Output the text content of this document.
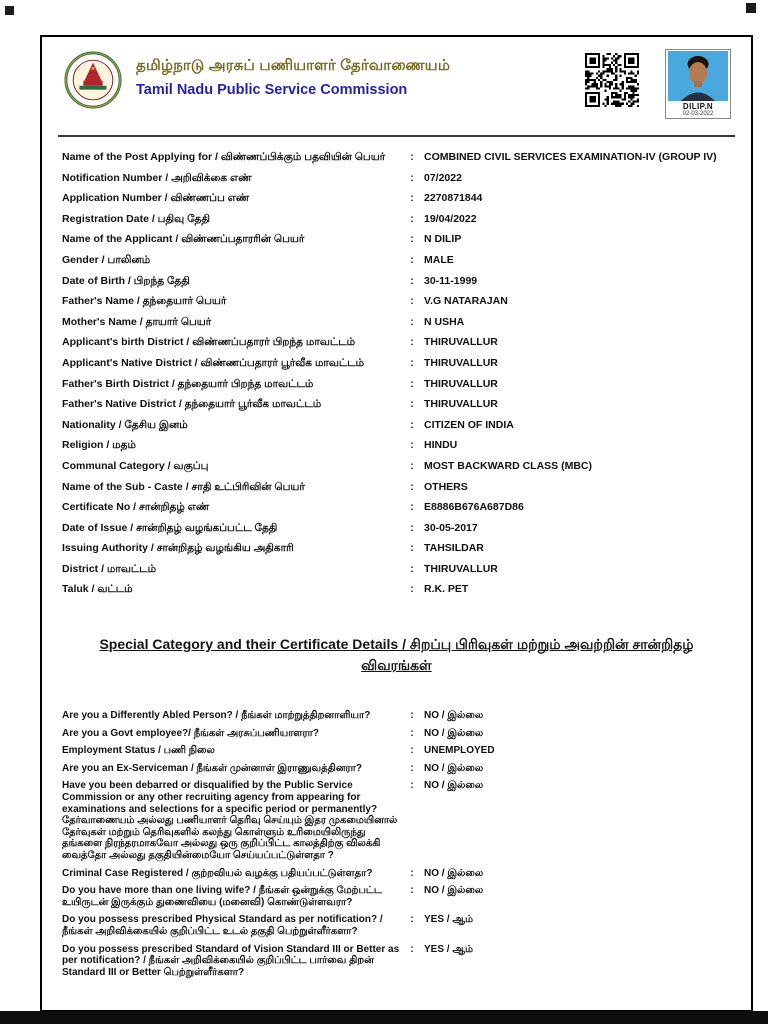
தமிழ்நாடு அரசுப் பணியாளர் தேர்வாணையம்
Tamil Nadu Public Service Commission
DILIP.N
02-03-2022
Name of the Post Applying for / விண்ணப்பிக்கும் பதவியின் பெயர்	: COMBINED CIVIL SERVICES EXAMINATION-IV (GROUP IV)
Notification Number / அறிவிக்கை எண்	: 07/2022
Application Number / விண்ணப்ப எண்	: 2270871844
Registration Date / பதிவு தேதி	: 19/04/2022
Name of the Applicant / விண்ணப்பதாரரின் பெயர்	: N DILIP
Gender / பாலினம்	: MALE
Date of Birth / பிறந்த தேதி	: 30-11-1999
Father's Name / தந்தையார் பெயர்	: V.G NATARAJAN
Mother's Name / தாயார் பெயர்	: N USHA
Applicant's birth District / விண்ணப்பதாரர் பிறந்த மாவட்டம்	: THIRUVALLUR
Applicant's Native District / விண்ணப்பதாரர் பூர்வீக மாவட்டம்	: THIRUVALLUR
Father's Birth District / தந்தையார் பிறந்த மாவட்டம்	: THIRUVALLUR
Father's Native District / தந்தையார் பூர்வீக மாவட்டம்	: THIRUVALLUR
Nationality / தேசிய இனம்	: CITIZEN OF INDIA
Religion / மதம்	: HINDU
Communal Category / வகுப்பு	: MOST BACKWARD CLASS (MBC)
Name of the Sub - Caste / சாதி உட்பிரிவின் பெயர்	: OTHERS
Certificate No / சான்றிதழ் எண்	: E8886B676A687D86
Date of Issue / சான்றிதழ் வழங்கப்பட்ட தேதி	: 30-05-2017
Issuing Authority / சான்றிதழ் வழங்கிய அதிகாரி	: TAHSILDAR
District / மாவட்டம்	: THIRUVALLUR
Taluk / வட்டம்	: R.K. PET
Special Category and their Certificate Details / சிறப்பு பிரிவுகள் மற்றும் அவற்றின் சான்றிதழ் விவரங்கள்
Are you a Differently Abled Person? / நீங்கள் மாற்றுத்திறனாளியா?	:	NO / இல்லை
Are you a Govt employee?/ நீங்கள் அரசுப்பணியாளரா?	:	NO / இல்லை
Employment Status / பணி நிலை	:	UNEMPLOYED
Are you an Ex-Serviceman / நீங்கள் முன்னாள் இராணுவத்தினரா?	:	NO / இல்லை
Have you been debarred or disqualified by the Public Service Commission or any other recruiting agency from appearing for examinations and selections for a specific period or permanently? தேர்வாணையம் அல்லது பணியாளர் தெரிவு செய்யும் இதர முகமையினால் தேர்வுகள் மற்றும் தெரிவுகளில் கலந்து கொள்ளும் உரிமையிலிருந்து தங்களை நிரந்தரமாகவோ அல்லது ஒரு குறிப்பிட்ட காலத்திற்கு விலக்கி வைத்தோ அல்லது தகுதியின்மையோ செய்யப்பட்டுள்ளதா ?
:	NO / இல்லை
Criminal Case Registered / குற்றவியல் வழக்கு பதியப்பட்டுள்ளதா?	:	NO / இல்லை
Do you have more than one living wife? / நீங்கள் ஒன்றுக்கு மேற்பட்ட உயிருடன் இருக்கும் துணைவியை (மனைவி) கொண்டுள்ளவரா?
:	NO / இல்லை
Do you possess prescribed Physical Standard as per notification? / நீங்கள் அறிவிக்கையில் குறிப்பிட்ட உடல் தகுதி பெற்றுள்ளீர்களா?
:	YES / ஆம்
Do you possess prescribed Standard of Vision Standard III or Better as per notification? / நீங்கள் அறிவிக்கையில் குறிப்பிட்ட பார்வை திறன் Standard III or Better பெற்றுள்ளீர்களா?
:	YES / ஆம்
